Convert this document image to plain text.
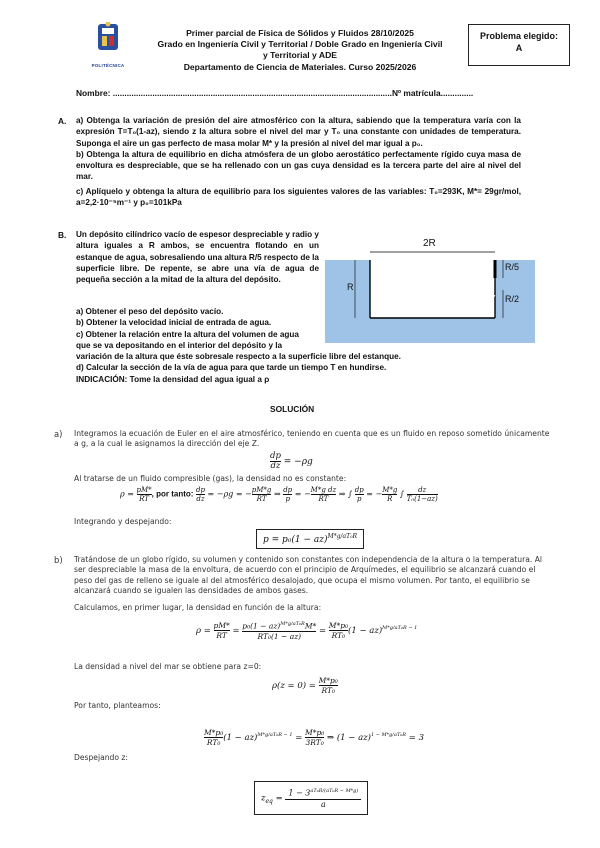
POLITÉCNICA
Primer parcial de Física de Sólidos y Fluidos 28/10/2025
Grado en Ingeniería Civil y Territorial / Doble Grado en Ingeniería Civil
y Territorial y ADE
Departamento de Ciencia de Materiales. Curso 2025/2026
Problema elegido:
A
Nombre: ........................................................................................................................Nº matrícula..............
A. a) Obtenga la variación de presión del aire atmosférico con la altura, sabiendo que la temperatura varía con la expresión T=T₀(1-az), siendo z la altura sobre el nivel del mar y T₀ una constante con unidades de temperatura. Suponga el aire un gas perfecto de masa molar M* y la presión al nivel del mar igual a p₀.
b) Obtenga la altura de equilibrio en dicha atmósfera de un globo aerostático perfectamente rígido cuya masa de envoltura es despreciable, que se ha rellenado con un gas cuya densidad es la tercera parte del aire al nivel del mar.
c) Aplíquelo y obtenga la altura de equilibrio para los siguientes valores de las variables: T₀=293K, M*= 29gr/mol, a=2,2·10⁻⁵m⁻¹ y p₀=101kPa
B. Un depósito cilíndrico vacío de espesor despreciable y radio y altura iguales a R ambos, se encuentra flotando en un estanque de agua, sobresaliendo una altura R/5 respecto de la superficie libre. De repente, se abre una vía de agua de pequeña sección a la mitad de la altura del depósito.
a) Obtener el peso del depósito vacío.
b) Obtener la velocidad inicial de entrada de agua.
c) Obtener la relación entre la altura del volumen de agua
que se va depositando en el interior del depósito y la
variación de la altura que éste sobresale respecto a la superficie libre del estanque.
d) Calcular la sección de la vía de agua para que tarde un tiempo T en hundirse.
INDICACIÓN: Tome la densidad del agua igual a ρ
2R
R/5
R
R/2
SOLUCIÓN
a) Integramos la ecuación de Euler en el aire atmosférico, teniendo en cuenta que es un fluido en reposo sometido únicamente a g, a la cual le asignamos la dirección del eje Z.
$\frac{dp}{dz} = -\rho g$
Al tratarse de un fluido compresible (gas), la densidad no es constante:
$\rho = \frac{pM*}{RT}$ , por tanto: $\frac{dp}{dz} = -\rho g$ = − $\frac{pM*g}{RT}$ ⇒ $\frac{dp}{p}$ = − $\frac{\text{M*g dz}}{RT}$ ⇒ ∫ $\frac{dp}{p}$ = − $\frac{M*g}{R}$ ∫ $\frac{dz}{\text{T₀(1−az)}}$
Integrando y despejando:
p = p₀(1 − az)$^{M*g/aT_0R}$
b) Tratándose de un globo rígido, su volumen y contenido son constantes con independencia de la altura o la temperatura. Al ser despreciable la masa de la envoltura, de acuerdo con el principio de Arquímedes, el equilibrio se alcanzará cuando el peso del gas de relleno se iguale al del atmosférico desalojado, que ocupa el mismo volumen. Por tanto, el equilibrio se alcanzará cuando se igualen las densidades de ambos gases.
Calculamos, en primer lugar, la densidad en función de la altura:
$\rho = \frac{pM*}{RT} = \frac{p_0(1 - az)^{M*g/aT_0R}M*}{\text{RT₀(1 − az)}} = \frac{\text{M*p₀}}{\text{RT₀}} (1 - az)^{M*g/aT_0R - 1}$
La densidad a nivel del mar se obtiene para z=0:
$\rho(z = 0) = \frac{\text{M*p₀}}{\text{RT₀}}$
Por tanto, planteamos:
$\frac{\text{M*p₀}}{\text{RT₀}} (1 - az)^{M*g/aT_0R - 1} = \frac{\text{M*p₀}}{\text{3RT₀}}$ ⇒ (1 − az)$^{1 - M*g/aT_0R}$ = 3
Despejando z:
$z_{eq} = \frac{1 - 3^{aT_0R/(aT_0R - M*g)}}{a}$
